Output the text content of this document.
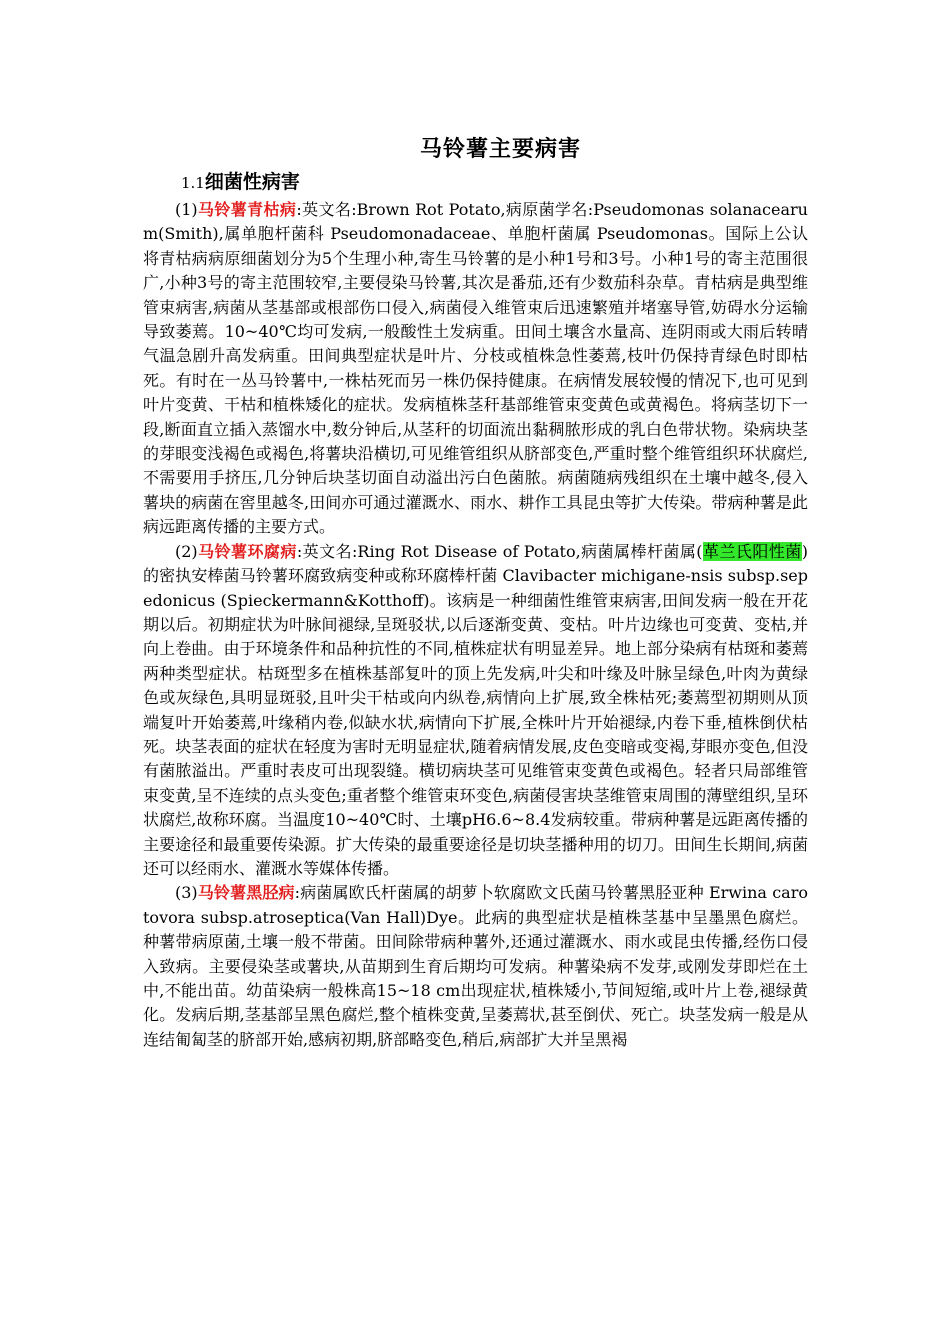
马铃薯主要病害
1.1细菌性病害

(1)马铃薯青枯病:英文名:Brown Rot Potato,病原菌学名:Pseudomonas solanacearum(Smith),属单胞杆菌科 Pseudomonadaceae、单胞杆菌属 Pseudomonas。国际上公认将青枯病病原细菌划分为5个生理小种,寄生马铃薯的是小种1号和3号。小种1号的寄主范围很广,小种3号的寄主范围较窄,主要侵染马铃薯,其次是番茄,还有少数茄科杂草。青枯病是典型维管束病害,病菌从茎基部或根部伤口侵入,病菌侵入维管束后迅速繁殖并堵塞导管,妨碍水分运输导致萎蔫。10~40℃均可发病,一般酸性土发病重。田间土壤含水量高、连阴雨或大雨后转晴气温急剧升高发病重。田间典型症状是叶片、分枝或植株急性萎蔫,枝叶仍保持青绿色时即枯死。有时在一丛马铃薯中,一株枯死而另一株仍保持健康。在病情发展较慢的情况下,也可见到叶片变黄、干枯和植株矮化的症状。发病植株茎秆基部维管束变黄色或黄褐色。将病茎切下一段,断面直立插入蒸馏水中,数分钟后,从茎秆的切面流出黏稠脓形成的乳白色带状物。染病块茎的芽眼变浅褐色或褐色,将薯块沿横切,可见维管组织从脐部变色,严重时整个维管组织环状腐烂,不需要用手挤压,几分钟后块茎切面自动溢出污白色菌脓。病菌随病残组织在土壤中越冬,侵入薯块的病菌在窖里越冬,田间亦可通过灌溉水、雨水、耕作工具昆虫等扩大传染。带病种薯是此病远距离传播的主要方式。

(2)马铃薯环腐病:英文名:Ring Rot Disease of Potato,病菌属棒杆菌属(革兰氏阳性菌)的密执安棒菌马铃薯环腐致病变种或称环腐棒杆菌 Clavibacter michigane-nsis subsp.sepedonicus (Spieckermann&Kotthoff)。该病是一种细菌性维管束病害,田间发病一般在开花期以后。初期症状为叶脉间褪绿,呈斑驳状,以后逐渐变黄、变枯。叶片边缘也可变黄、变枯,并向上卷曲。由于环境条件和品种抗性的不同,植株症状有明显差异。地上部分染病有枯斑和萎蔫两种类型症状。枯斑型多在植株基部复叶的顶上先发病,叶尖和叶缘及叶脉呈绿色,叶肉为黄绿色或灰绿色,具明显斑驳,且叶尖干枯或向内纵卷,病情向上扩展,致全株枯死;萎蔫型初期则从顶端复叶开始萎蔫,叶缘稍内卷,似缺水状,病情向下扩展,全株叶片开始褪绿,内卷下垂,植株倒伏枯死。块茎表面的症状在轻度为害时无明显症状,随着病情发展,皮色变暗或变褐,芽眼亦变色,但没有菌脓溢出。严重时表皮可出现裂缝。横切病块茎可见维管束变黄色或褐色。轻者只局部维管束变黄,呈不连续的点头变色;重者整个维管束环变色,病菌侵害块茎维管束周围的薄壁组织,呈环状腐烂,故称环腐。当温度10~40℃时、土壤pH6.6~8.4发病较重。带病种薯是远距离传播的主要途径和最重要传染源。扩大传染的最重要途径是切块茎播种用的切刀。田间生长期间,病菌还可以经雨水、灌溉水等媒体传播。

(3)马铃薯黑胫病:病菌属欧氏杆菌属的胡萝卜软腐欧文氏菌马铃薯黑胫亚种 Erwina carotovora subsp.atroseptica(Van Hall)Dye。此病的典型症状是植株茎基中呈墨黑色腐烂。种薯带病原菌,土壤一般不带菌。田间除带病种薯外,还通过灌溉水、雨水或昆虫传播,经伤口侵入致病。主要侵染茎或薯块,从苗期到生育后期均可发病。种薯染病不发芽,或刚发芽即烂在土中,不能出苗。幼苗染病一般株高15~18 cm出现症状,植株矮小,节间短缩,或叶片上卷,褪绿黄化。发病后期,茎基部呈黑色腐烂,整个植株变黄,呈萎蔫状,甚至倒伏、死亡。块茎发病一般是从连结匍匐茎的脐部开始,感病初期,脐部略变色,稍后,病部扩大并呈黑褐
